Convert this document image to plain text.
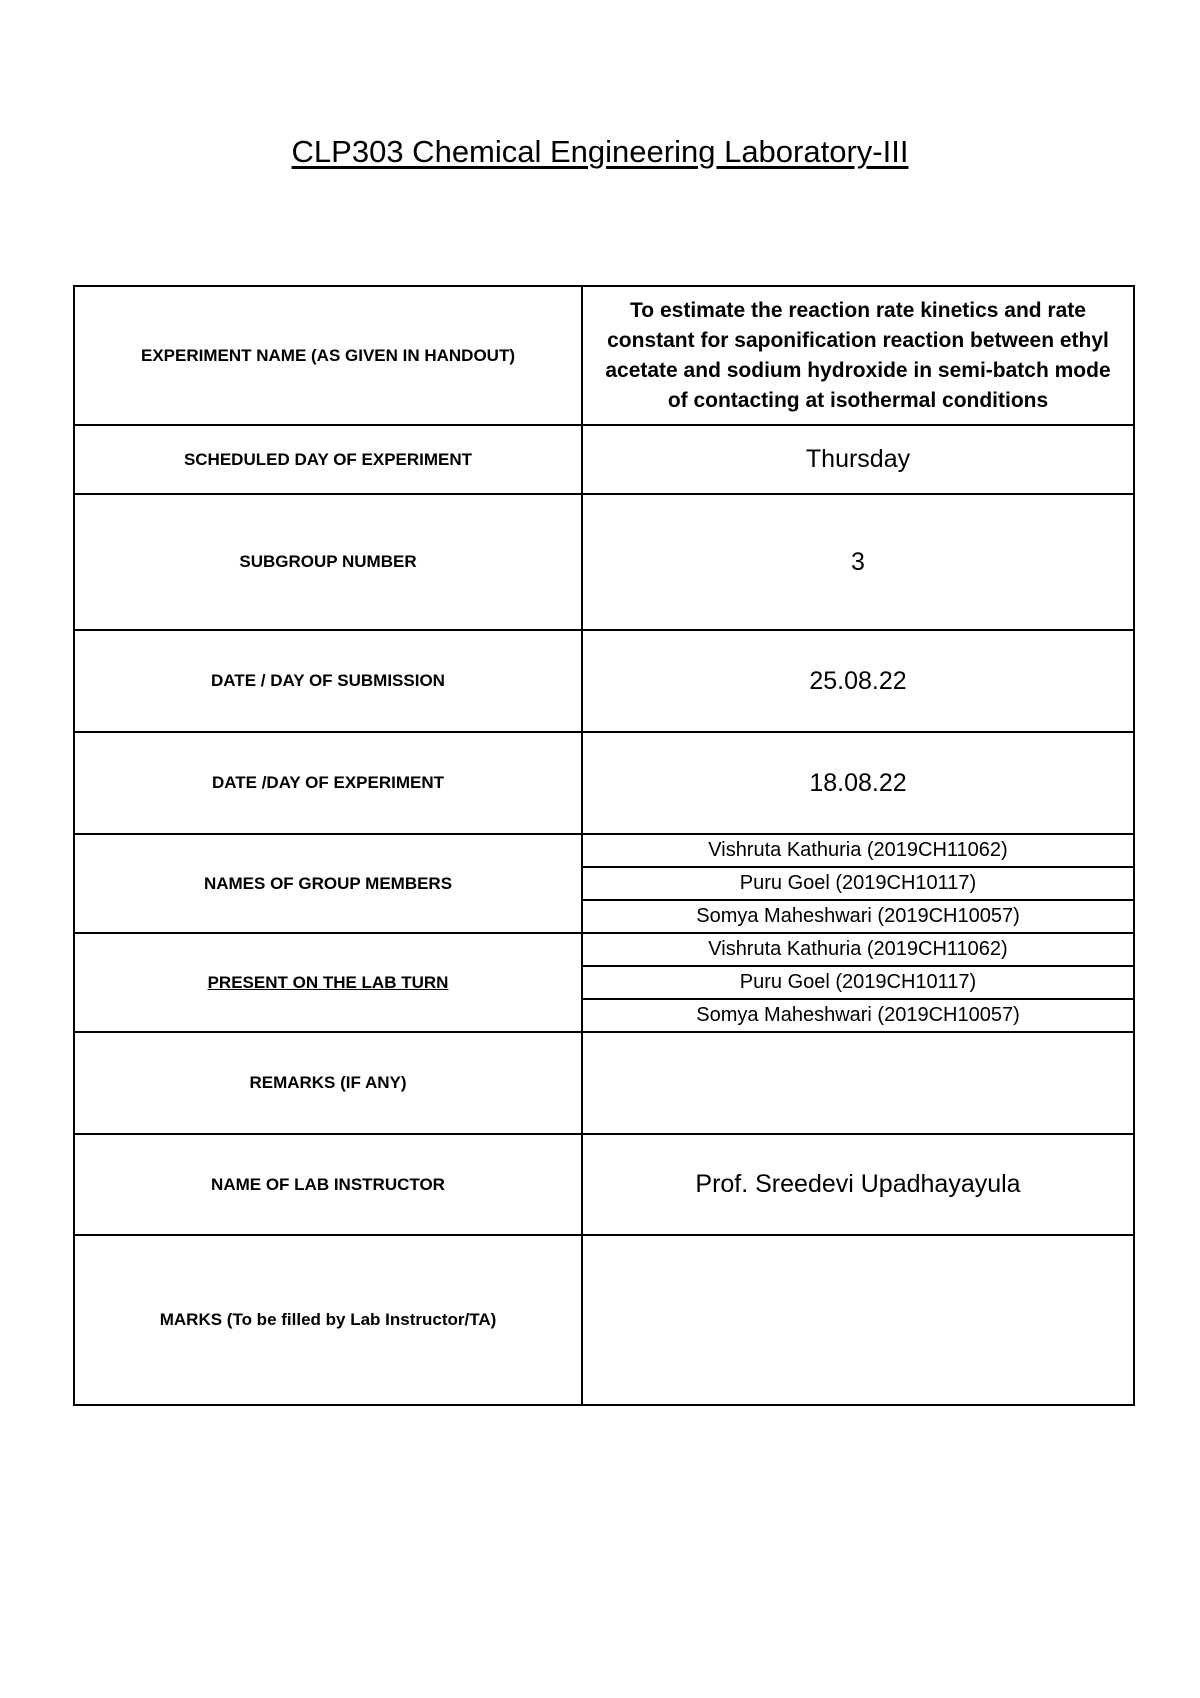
CLP303 Chemical Engineering Laboratory-III
EXPERIMENT NAME (AS GIVEN IN HANDOUT)	To estimate the reaction rate kinetics and rate constant for saponification reaction between ethyl acetate and sodium hydroxide in semi-batch mode of contacting at isothermal conditions
SCHEDULED DAY OF EXPERIMENT	Thursday
SUBGROUP NUMBER	3
DATE / DAY OF SUBMISSION	25.08.22
DATE /DAY OF EXPERIMENT	18.08.22
NAMES OF GROUP MEMBERS	Vishruta Kathuria (2019CH11062)
	Puru Goel (2019CH10117)
	Somya Maheshwari (2019CH10057)
PRESENT ON THE LAB TURN	Vishruta Kathuria (2019CH11062)
	Puru Goel (2019CH10117)
	Somya Maheshwari (2019CH10057)
REMARKS (IF ANY)	
NAME OF LAB INSTRUCTOR	Prof. Sreedevi Upadhayayula
MARKS (To be filled by Lab Instructor/TA)	
